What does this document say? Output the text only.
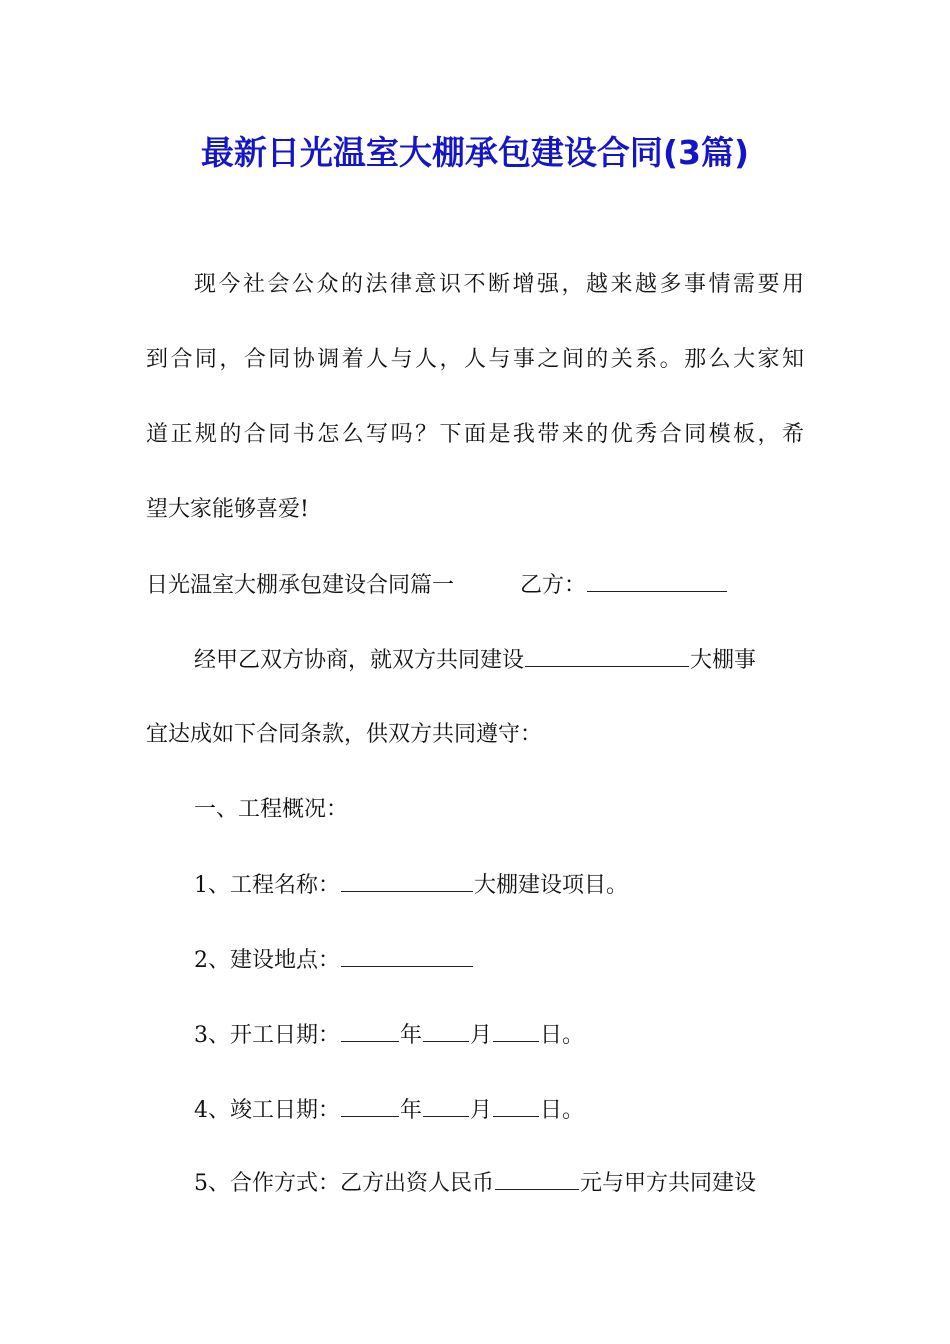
最新日光温室大棚承包建设合同(3篇)
现今社会公众的法律意识不断增强，越来越多事情需要用
到合同，合同协调着人与人，人与事之间的关系。那么大家知
道正规的合同书怎么写吗？下面是我带来的优秀合同模板，希
望大家能够喜爱!
日光温室大棚承包建设合同篇一	乙方：
经甲乙双方协商，就双方共同建设	大棚事
宜达成如下合同条款，供双方共同遵守：
一、工程概况：
1、工程名称：	大棚建设项目。
2、建设地点：
3、开工日期：	年 月 日。
4、竣工日期：	年 月 日。
5、合作方式：乙方出资人民币	元与甲方共同建设
